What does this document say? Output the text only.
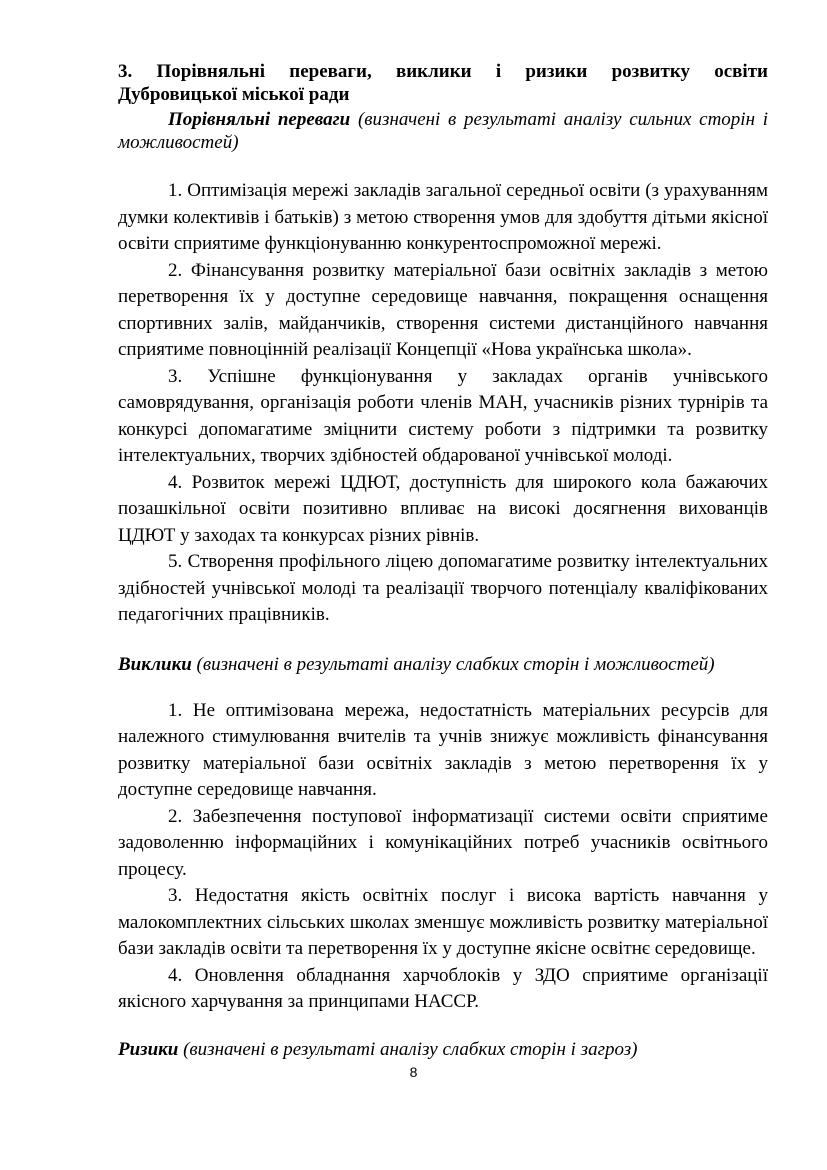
3. Порівняльні переваги, виклики і ризики розвитку освіти
Дубровицької міської ради

Порівняльні переваги (визначені в результаті аналізу сильних сторін і можливостей)

1. Оптимізація мережі закладів загальної середньої освіти (з урахуванням думки колективів і батьків) з метою створення умов для здобуття дітьми якісної освіти сприятиме функціонуванню конкурентоспроможної мережі.

2. Фінансування розвитку матеріальної бази освітніх закладів з метою перетворення їх у доступне середовище навчання, покращення оснащення спортивних залів, майданчиків, створення системи дистанційного навчання сприятиме повноцінній реалізації Концепції «Нова українська школа».

3. Успішне функціонування у закладах органів учнівського самоврядування, організація роботи членів МАН, учасників різних турнірів та конкурсі допомагатиме зміцнити систему роботи з підтримки та розвитку інтелектуальних, творчих здібностей обдарованої учнівської молоді.

4. Розвиток мережі ЦДЮТ, доступність для широкого кола бажаючих позашкільної освіти позитивно впливає на високі досягнення вихованців ЦДЮТ у заходах та конкурсах різних рівнів.

5. Створення профільного ліцею допомагатиме розвитку інтелектуальних здібностей учнівської молоді та реалізації творчого потенціалу кваліфікованих педагогічних працівників.

Виклики (визначені в результаті аналізу слабких сторін і можливостей)

1. Не оптимізована мережа, недостатність матеріальних ресурсів для належного стимулювання вчителів та учнів знижує можливість фінансування розвитку матеріальної бази освітніх закладів з метою перетворення їх у доступне середовище навчання.

2. Забезпечення поступової інформатизації системи освіти сприятиме задоволенню інформаційних і комунікаційних потреб учасників освітнього процесу.

3. Недостатня якість освітніх послуг і висока вартість навчання у малокомплектних сільських школах зменшує можливість розвитку матеріальної бази закладів освіти та перетворення їх у доступне якісне освітнє середовище.

4. Оновлення обладнання харчоблоків у ЗДО сприятиме організації якісного харчування за принципами НАССР.

Ризики (визначені в результаті аналізу слабких сторін і загроз)

8
